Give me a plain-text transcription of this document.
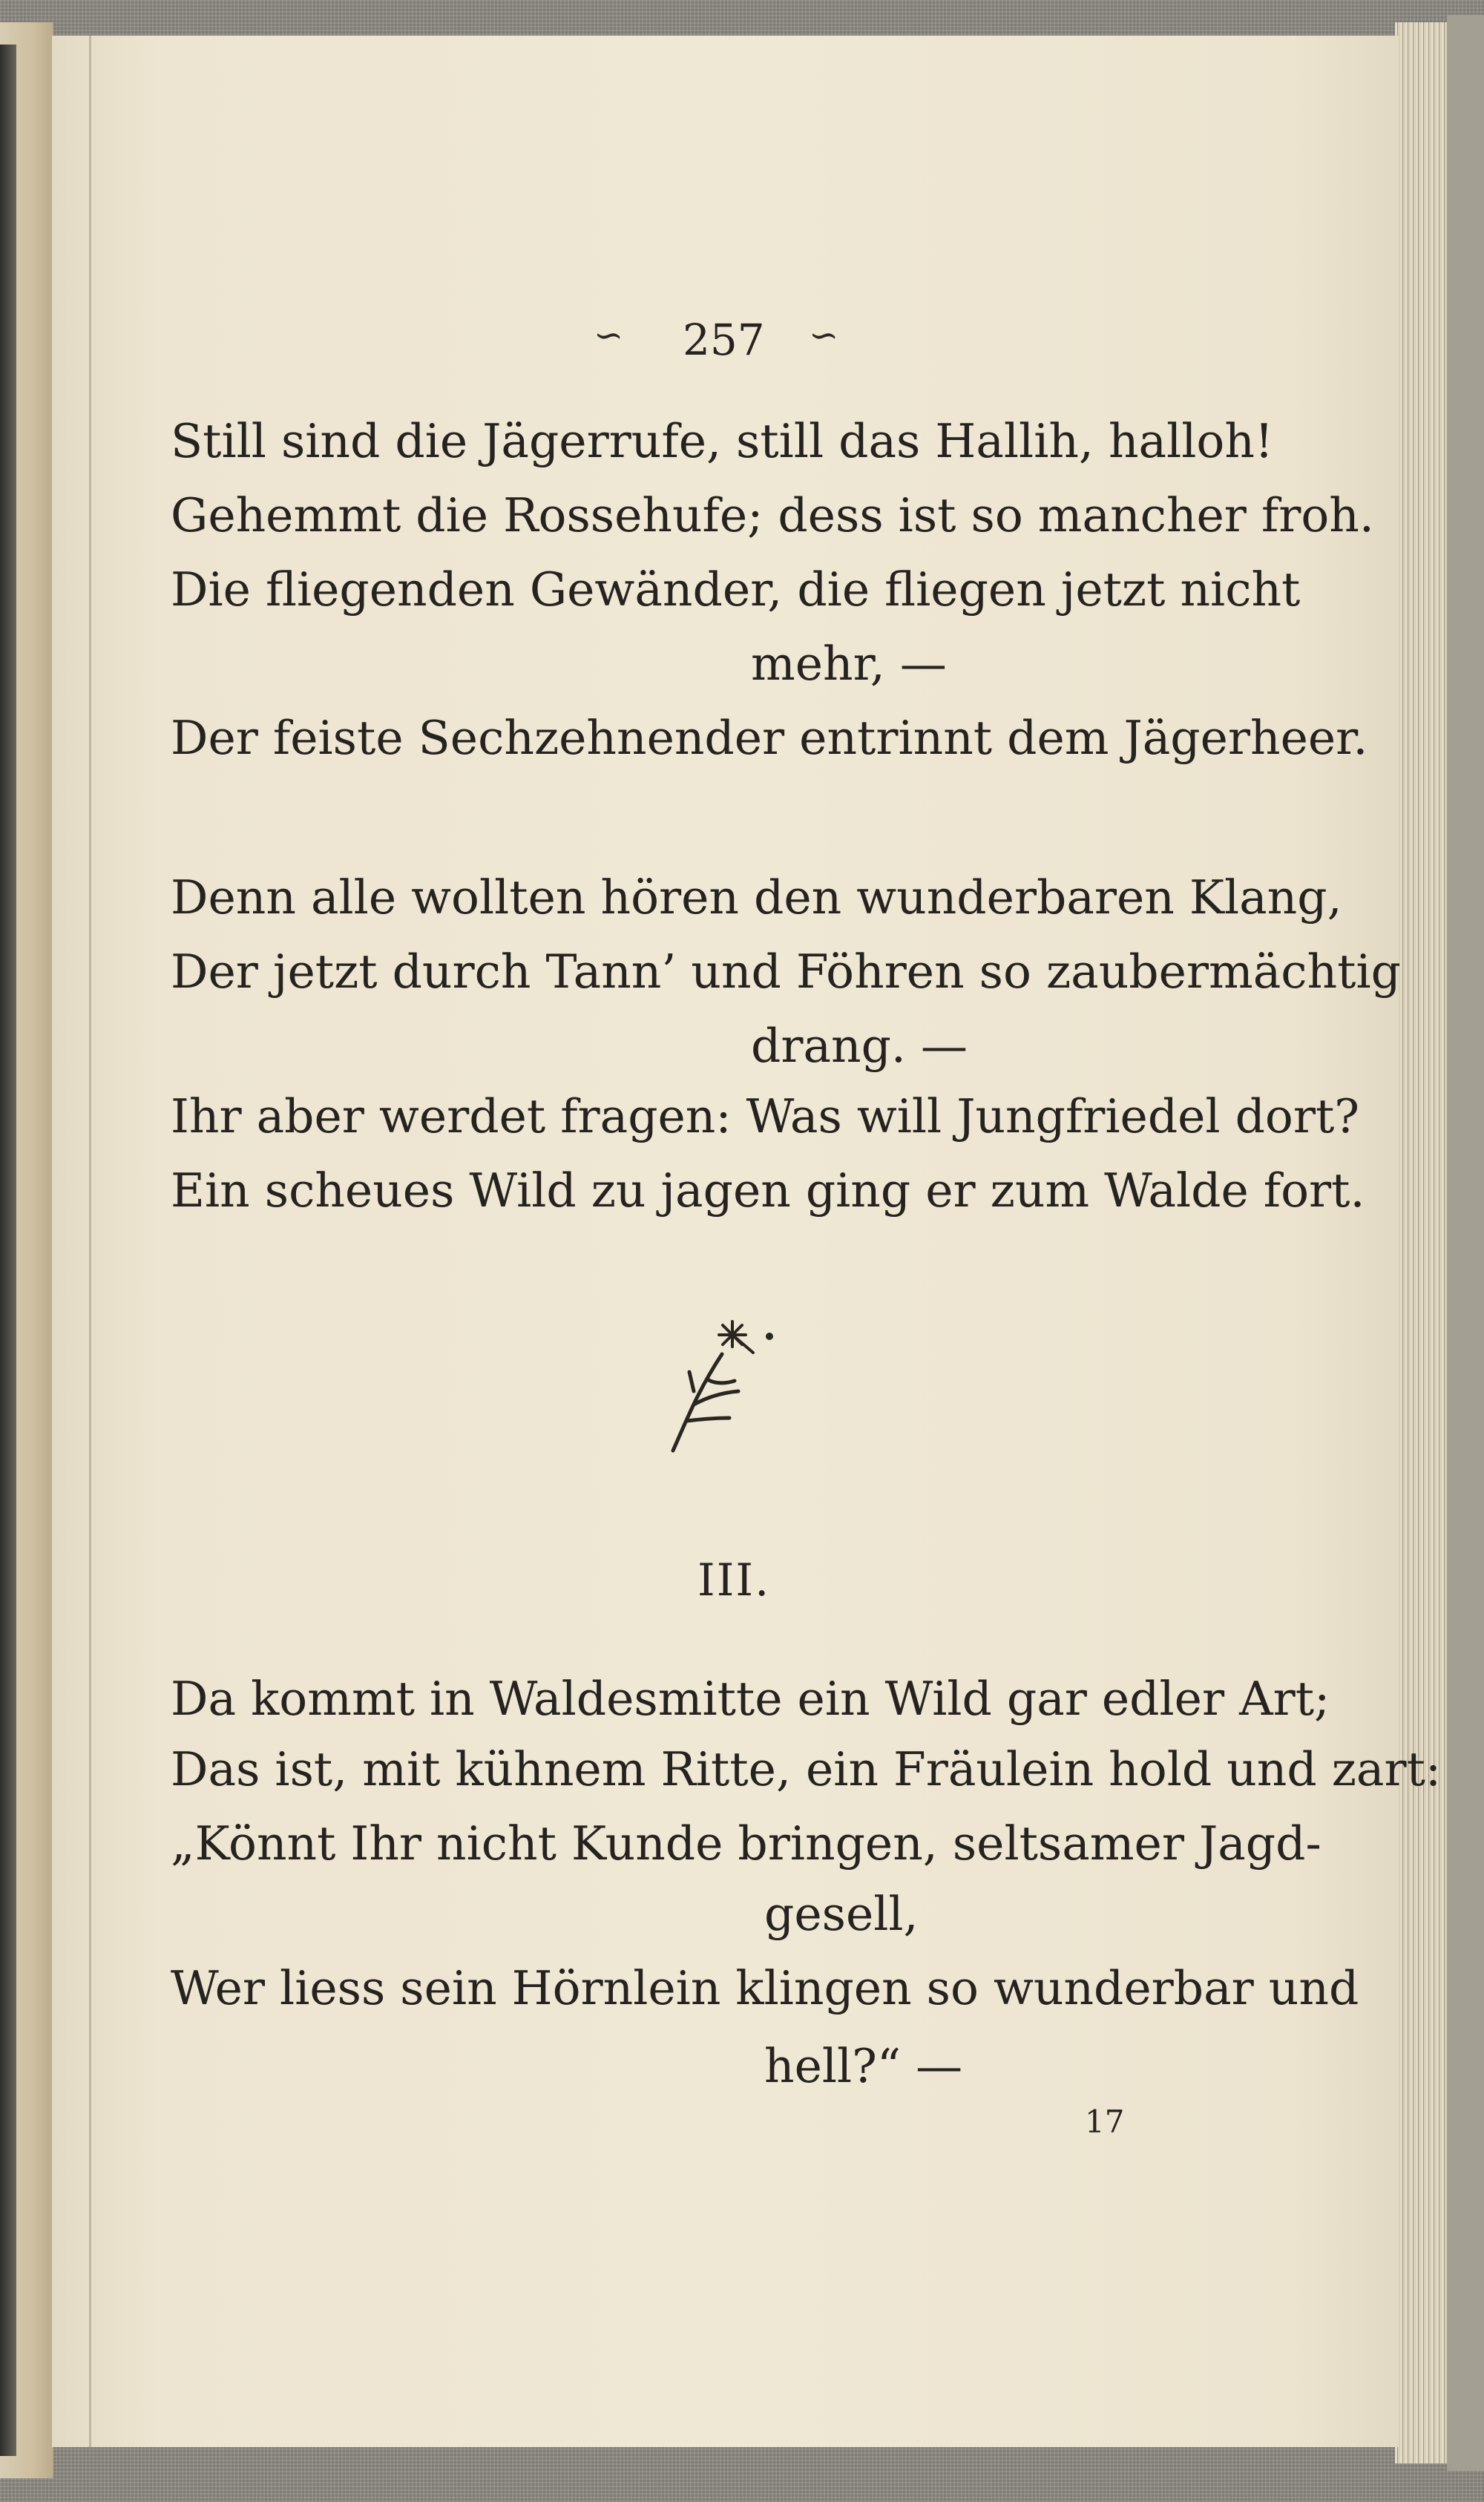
∽ 257 ∽

Still sind die Jägerrufe, still das Hallih, halloh!

Gehemmt die Rossehufe; dess ist so mancher froh.

Die fliegenden Gewänder, die fliegen jetzt nicht

mehr, —

Der feiste Sechzehnender entrinnt dem Jägerheer.

Denn alle wollten hören den wunderbaren Klang,

Der jetzt durch Tann’ und Föhren so zaubermächtig

drang. —

Ihr aber werdet fragen: Was will Jungfriedel dort?

Ein scheues Wild zu jagen ging er zum Walde fort.

III.

Da kommt in Waldesmitte ein Wild gar edler Art;

Das ist, mit kühnem Ritte, ein Fräulein hold und zart:

„Könnt Ihr nicht Kunde bringen, seltsamer Jagd-

gesell,

Wer liess sein Hörnlein klingen so wunderbar und

hell?“ —

17
